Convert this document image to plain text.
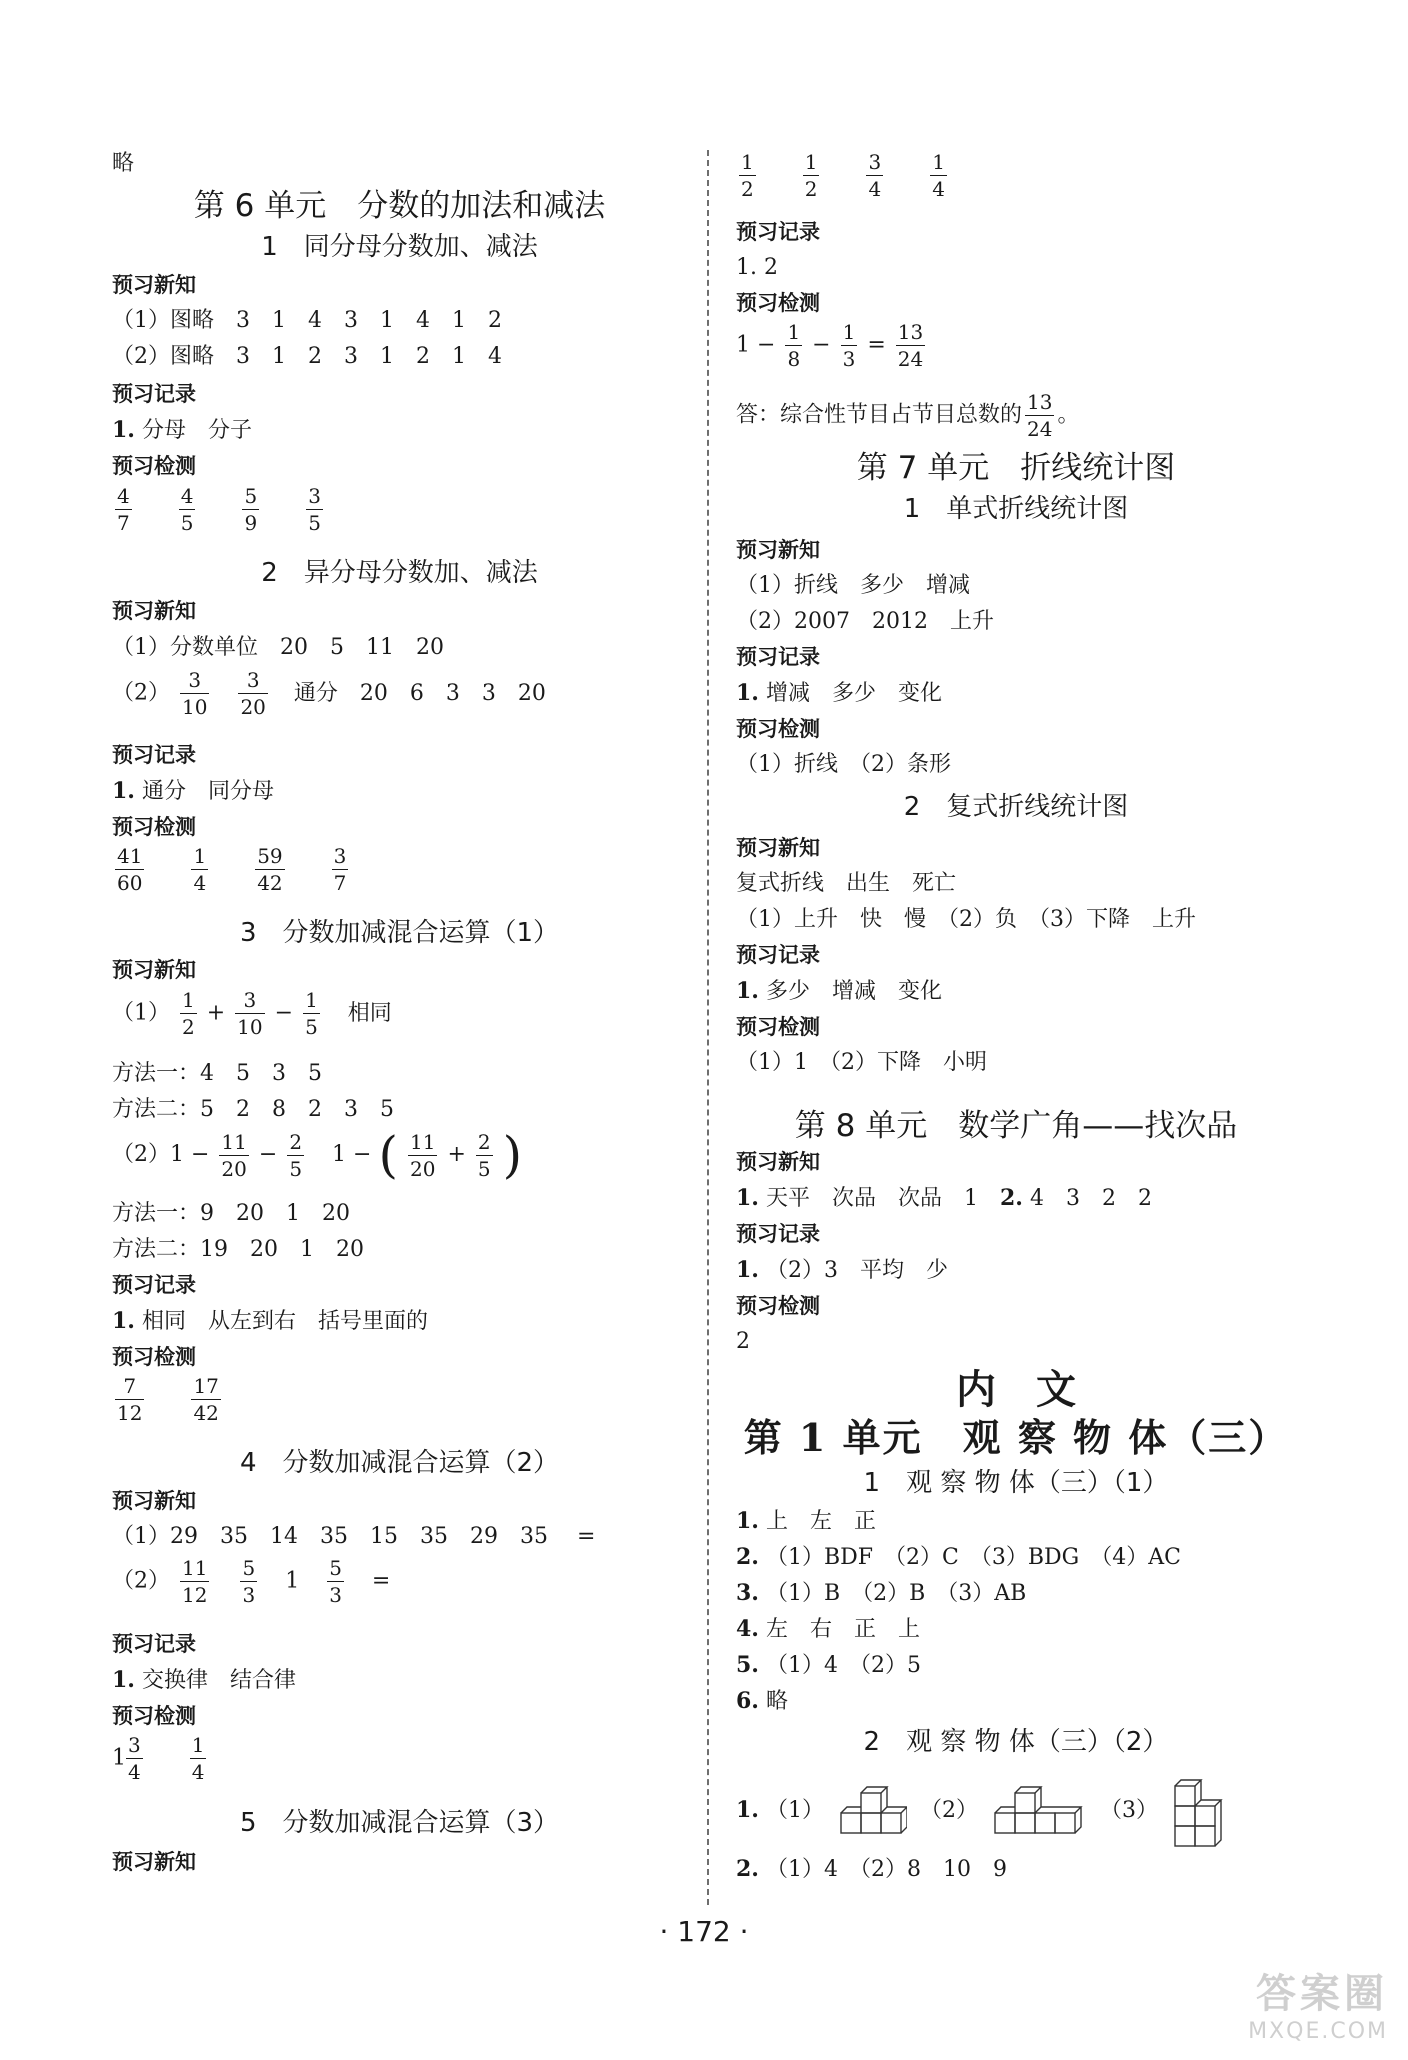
略
第 6 单元　分数的加法和减法
1　同分母分数加、减法
预习新知
（1）图略　3　1　4　3　1　4　1　2
（2）图略　3　1　2　3　1　2　1　4
预习记录
1. 分母　分子
预习检测
$\frac{4}{7}$
$\frac{4}{5}$
$\frac{5}{9}$
$\frac{3}{5}$
2　异分母分数加、减法
预习新知
（1）分数单位　20　5　11　20
$(2) \frac{3}{10}$
$\frac{3}{20}$ 通分　20　6　3　3　20
预习记录
1. 通分　同分母
预习检测
$\frac{41}{60}$
$\frac{1}{4}$
$\frac{59}{42}$
$\frac{3}{7}$
3　分数加减混合运算（1）
预习新知
$(1) \frac{1}{2} + \frac{3}{10} - \frac{1}{5}$ 相同
方法一：4　5　3　5
方法二：5　2　8　2　3　5
$(2)1 - \frac{11}{20} - \frac{2}{5} 1$ − ( $\frac{11}{20} + \frac{2}{5}$ )
方法一：9　20　1　20
方法二：19　20　1　20
预习记录
1. 相同　从左到右　括号里面的
预习检测
$\frac{7}{12}$
$\frac{17}{42}$
4　分数加减混合运算（2）
预习新知
（1）29　35　14　35　15　35　29　35　 =
$(2) \frac{11}{12}$
$\frac{5}{3} 1 \frac{5}{3}$ =
预习记录
1. 交换律　结合律
预习检测
$1 \frac{3}{4}$
$\frac{1}{4}$
5　分数加减混合运算（3）
预习新知
$\frac{1}{2}$
$\frac{1}{2}$
$\frac{3}{4}$
$\frac{1}{4}$
预习记录
1. 2
预习检测
$1 - \frac{1}{8} - \frac{1}{3} = \frac{13}{24}$
答：综合性节目占节目总数的 $\frac{13}{24}$ 。
第 7 单元　折线统计图
1　单式折线统计图
预习新知
（1）折线　多少　增减
（2）2007　2012　上升
预习记录
1. 增减　多少　变化
预习检测
（1）折线　（2）条形
2　复式折线统计图
预习新知
复式折线　出生　死亡
（1）上升　快　慢　（2）负　（3）下降　上升
预习记录
1. 多少　增减　变化
预习检测
（1）1　（2）下降　小明
第 8 单元　数学广角——找次品
预习新知
1. 天平　次品　次品　1　 2. 4　3　2　2
预习记录
1. （2）3　平均　少
预习检测
2
内　文
第 1 单元　观 察 物 体（三）
1　观 察 物 体（三）（1）
1. 上　左　正
2. （1）BDF　（2）C　（3）BDG　（4）AC
3. （1）B　（2）B　（3）AB
4. 左　右　正　上
5. （1）4　（2）5
6. 略
2　观 察 物 体（三）（2）
1. （1）	（2）	（3）
2. （1）4　（2）8　10　9
· 172 ·
答案圈
MXQE.COM
